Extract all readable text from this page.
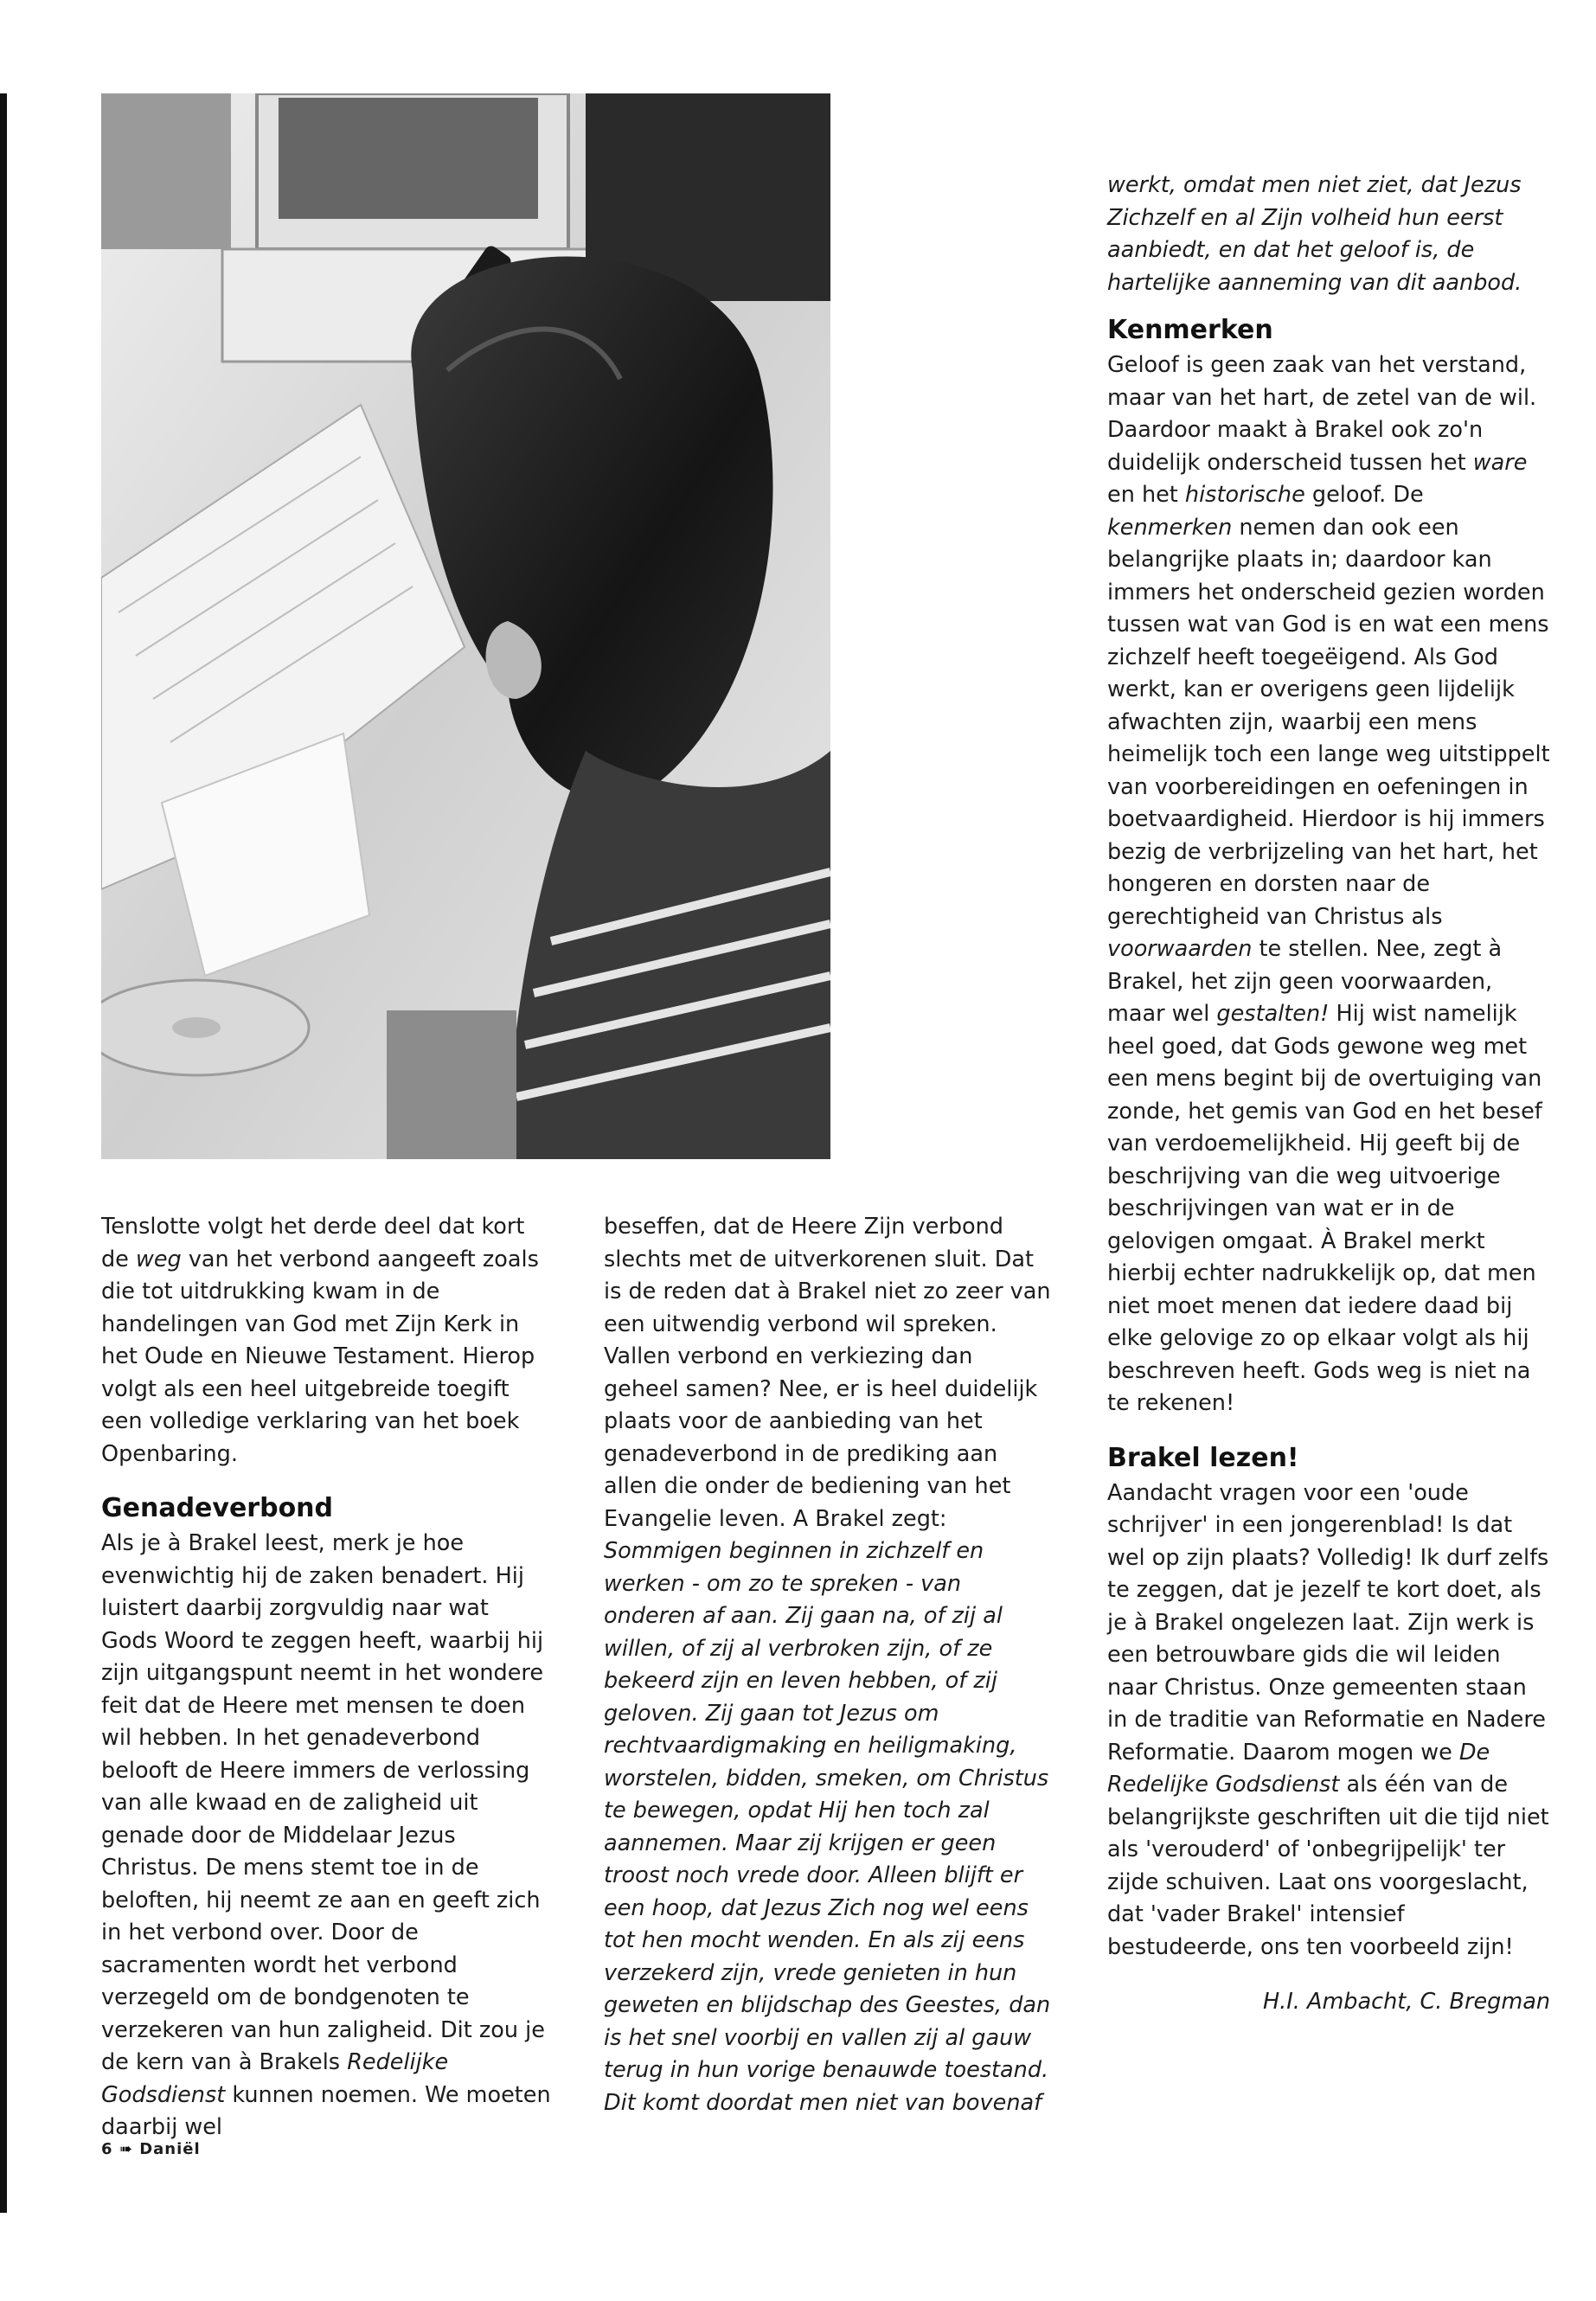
Tenslotte volgt het derde deel dat kort de weg van het verbond aangeeft zoals die tot uitdrukking kwam in de handelingen van God met Zijn Kerk in het Oude en Nieuwe Testament. Hierop volgt als een heel uitgebreide toegift een volledige verklaring van het boek Openbaring.

Genadeverbond

Als je à Brakel leest, merk je hoe evenwichtig hij de zaken benadert. Hij luistert daarbij zorgvuldig naar wat Gods Woord te zeggen heeft, waarbij hij zijn uitgangspunt neemt in het wondere feit dat de Heere met mensen te doen wil hebben. In het genadeverbond belooft de Heere immers de verlossing van alle kwaad en de zaligheid uit genade door de Middelaar Jezus Christus. De mens stemt toe in de beloften, hij neemt ze aan en geeft zich in het verbond over. Door de sacramenten wordt het verbond verzegeld om de bondgenoten te verzekeren van hun zaligheid. Dit zou je de kern van à Brakels Redelijke Godsdienst kunnen noemen. We moeten daarbij wel

beseffen, dat de Heere Zijn verbond slechts met de uitverkorenen sluit. Dat is de reden dat à Brakel niet zo zeer van een uitwendig verbond wil spreken. Vallen verbond en verkiezing dan geheel samen? Nee, er is heel duidelijk plaats voor de aanbieding van het genadeverbond in de prediking aan allen die onder de bediening van het Evangelie leven. A Brakel zegt: Sommigen beginnen in zichzelf en werken - om zo te spreken - van onderen af aan. Zij gaan na, of zij al willen, of zij al verbroken zijn, of ze bekeerd zijn en leven hebben, of zij geloven. Zij gaan tot Jezus om rechtvaardigmaking en heiligmaking, worstelen, bidden, smeken, om Christus te bewegen, opdat Hij hen toch zal aannemen. Maar zij krijgen er geen troost noch vrede door. Alleen blijft er een hoop, dat Jezus Zich nog wel eens tot hen mocht wenden. En als zij eens verzekerd zijn, vrede genieten in hun geweten en blijdschap des Geestes, dan is het snel voorbij en vallen zij al gauw terug in hun vorige benauwde toestand. Dit komt doordat men niet van bovenaf

werkt, omdat men niet ziet, dat Jezus Zichzelf en al Zijn volheid hun eerst aanbiedt, en dat het geloof is, de hartelijke aanneming van dit aanbod.

Kenmerken

Geloof is geen zaak van het verstand, maar van het hart, de zetel van de wil. Daardoor maakt à Brakel ook zo'n duidelijk onderscheid tussen het ware en het historische geloof. De kenmerken nemen dan ook een belangrijke plaats in; daardoor kan immers het onderscheid gezien worden tussen wat van God is en wat een mens zichzelf heeft toegeëigend. Als God werkt, kan er overigens geen lijdelijk afwachten zijn, waarbij een mens heimelijk toch een lange weg uitstippelt van voorbereidingen en oefeningen in boetvaardigheid. Hierdoor is hij immers bezig de verbrijzeling van het hart, het hongeren en dorsten naar de gerechtigheid van Christus als voorwaarden te stellen. Nee, zegt à Brakel, het zijn geen voorwaarden, maar wel gestalten! Hij wist namelijk heel goed, dat Gods gewone weg met een mens begint bij de overtuiging van zonde, het gemis van God en het besef van verdoemelijkheid. Hij geeft bij de beschrijving van die weg uitvoerige beschrijvingen van wat er in de gelovigen omgaat. À Brakel merkt hierbij echter nadrukkelijk op, dat men niet moet menen dat iedere daad bij elke gelovige zo op elkaar volgt als hij beschreven heeft. Gods weg is niet na te rekenen!

Brakel lezen!

Aandacht vragen voor een 'oude schrijver' in een jongerenblad! Is dat wel op zijn plaats? Volledig! Ik durf zelfs te zeggen, dat je jezelf te kort doet, als je à Brakel ongelezen laat. Zijn werk is een betrouwbare gids die wil leiden naar Christus. Onze gemeenten staan in de traditie van Reformatie en Nadere Reformatie. Daarom mogen we De Redelijke Godsdienst als één van de belangrijkste geschriften uit die tijd niet als 'verouderd' of 'onbegrijpelijk' ter zijde schuiven. Laat ons voorgeslacht, dat 'vader Brakel' intensief bestudeerde, ons ten voorbeeld zijn!

H.I. Ambacht, C. Bregman

6 ➠ Daniël
